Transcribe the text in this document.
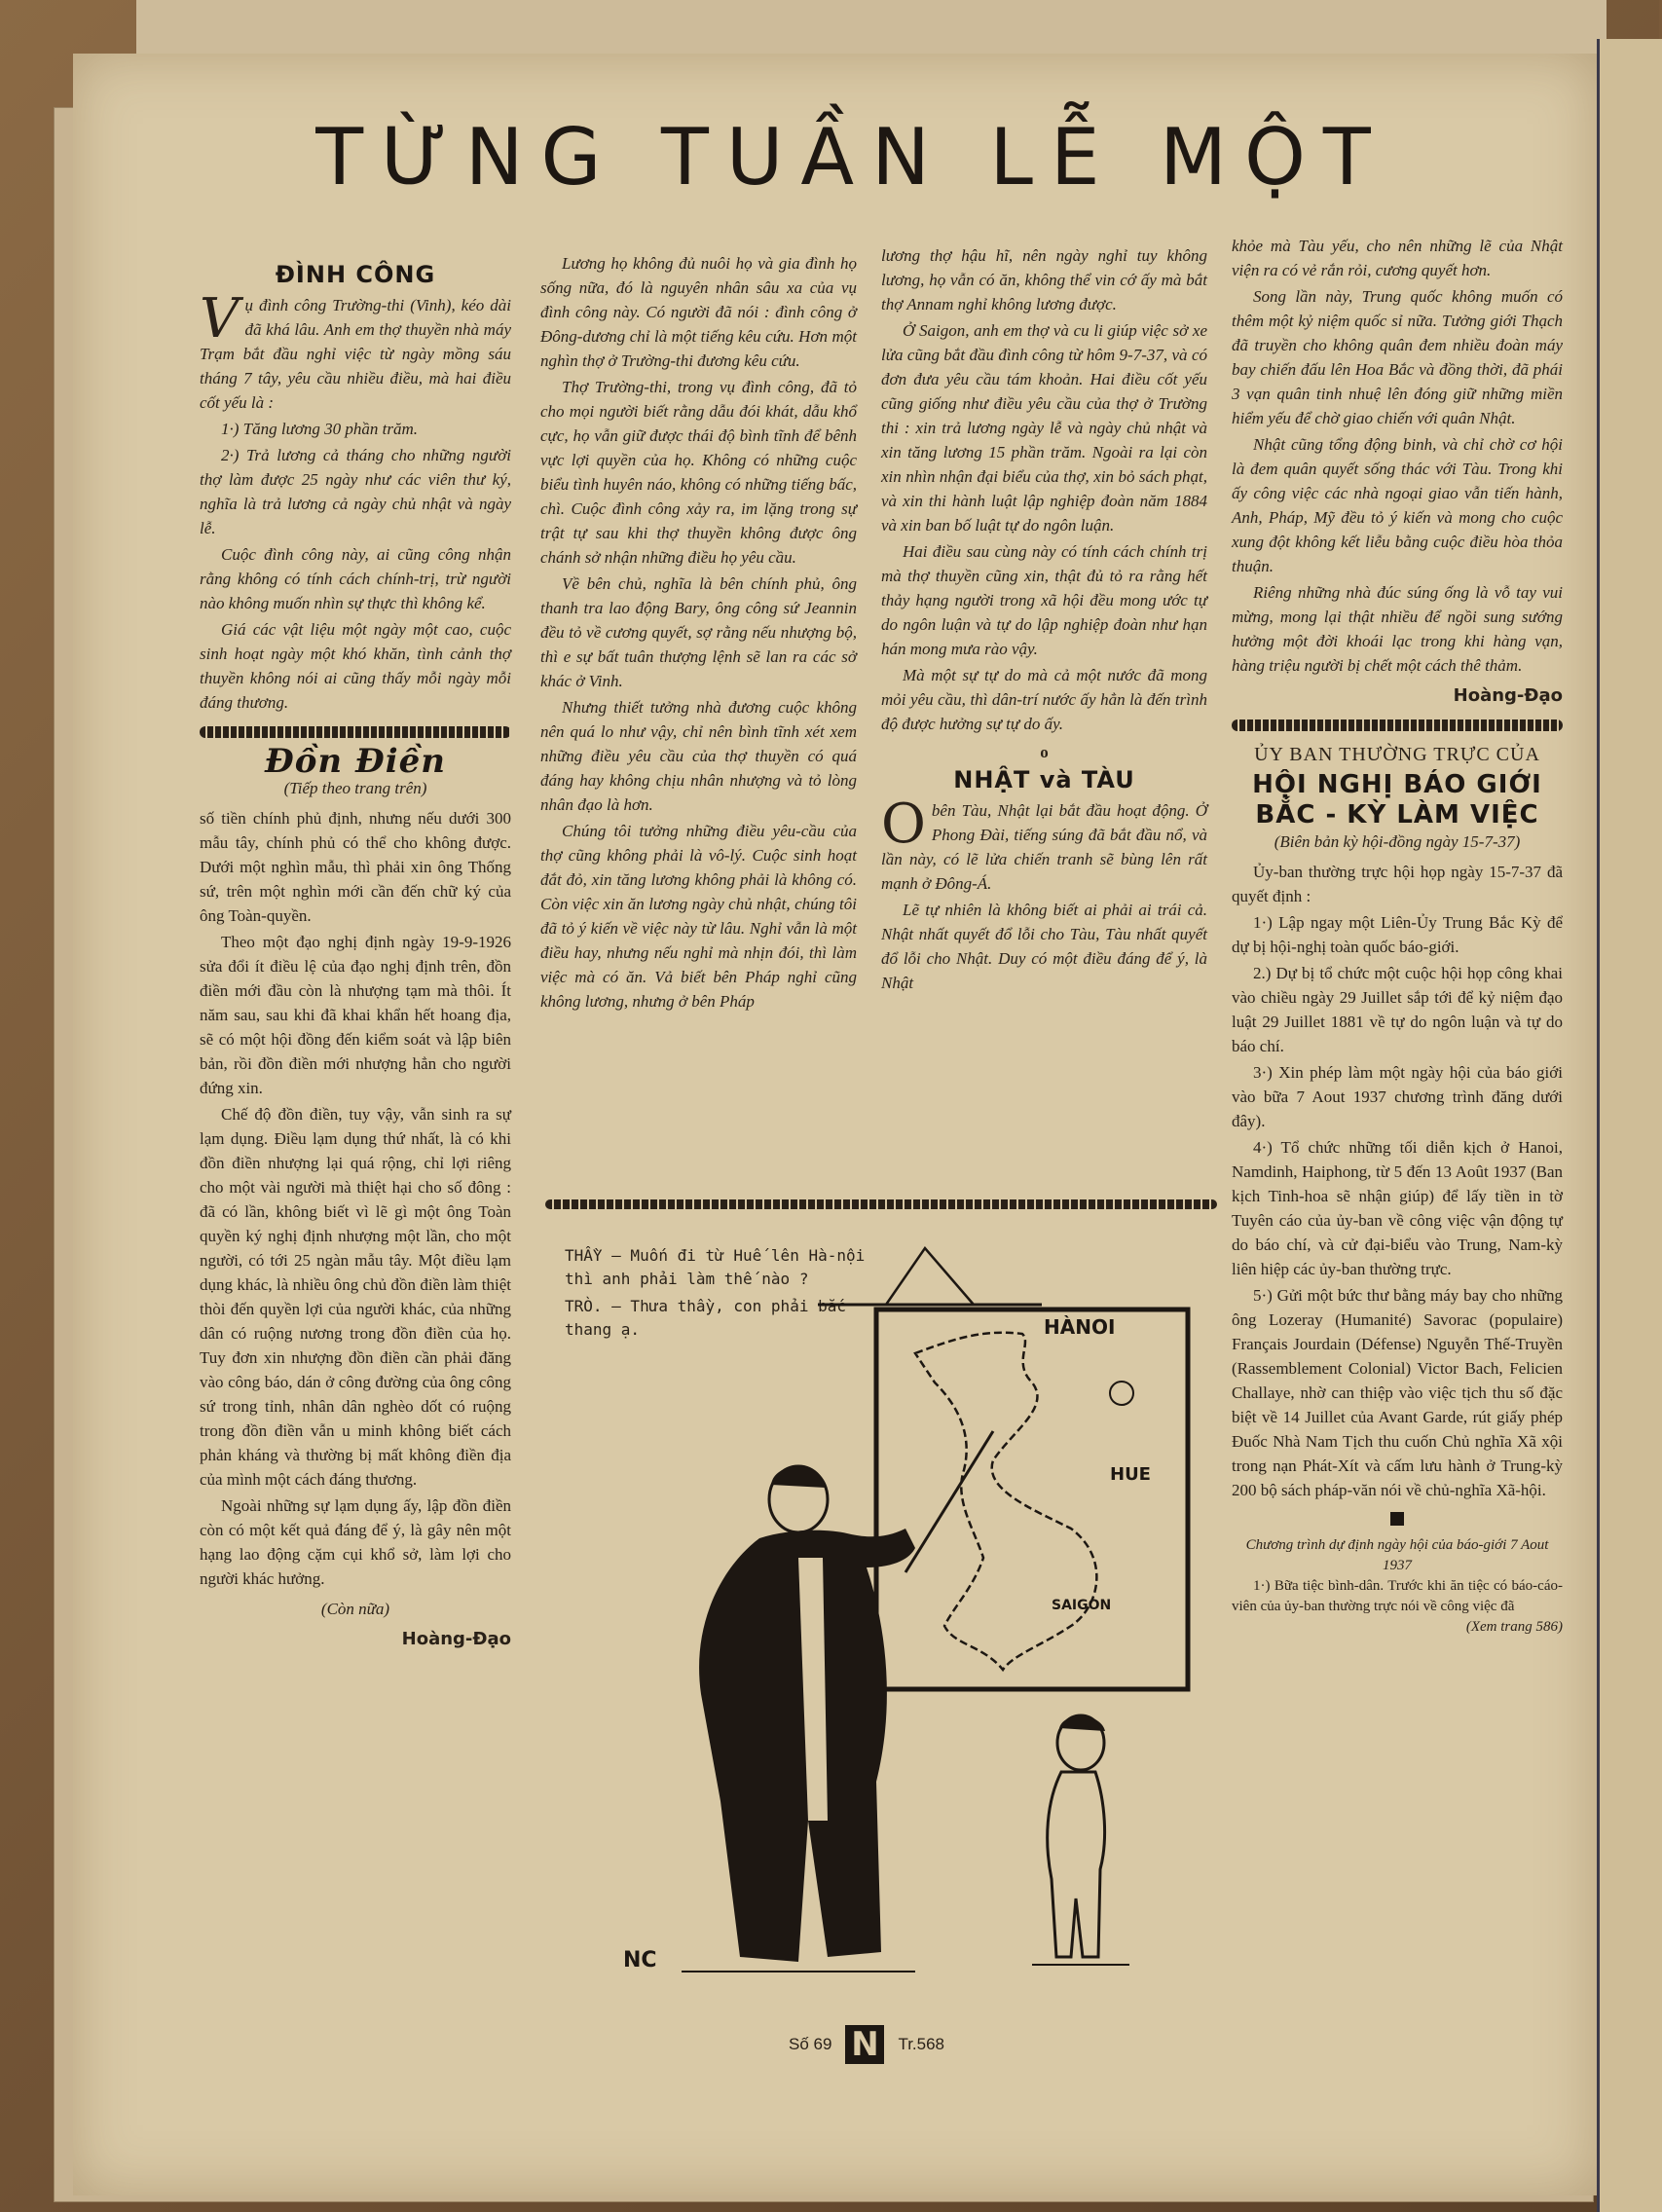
TỪNG TUẦN LỄ MỘT
ĐÌNH CÔNG

Vụ đình công Trường-thi (Vinh), kéo dài đã khá lâu. Anh em thợ thuyền nhà máy Trạm bắt đầu nghỉ việc từ ngày mồng sáu tháng 7 tây, yêu cầu nhiều điều, mà hai điều cốt yếu là :

1·) Tăng lương 30 phần trăm.

2·) Trả lương cả tháng cho những người thợ làm được 25 ngày như các viên thư ký, nghĩa là trả lương cả ngày chủ nhật và ngày lễ.

Cuộc đình công này, ai cũng công nhận rằng không có tính cách chính-trị, trừ người nào không muốn nhìn sự thực thì không kể.

Giá các vật liệu một ngày một cao, cuộc sinh hoạt ngày một khó khăn, tình cảnh thợ thuyền không nói ai cũng thấy mỗi ngày mỗi đáng thương.

Đồn Điền
(Tiếp theo trang trên)

số tiền chính phủ định, nhưng nếu dưới 300 mẫu tây, chính phủ có thể cho không được. Dưới một nghìn mẫu, thì phải xin ông Thống sứ, trên một nghìn mới cần đến chữ ký của ông Toàn-quyền.

Theo một đạo nghị định ngày 19-9-1926 sửa đổi ít điều lệ của đạo nghị định trên, đồn điền mới đầu còn là nhượng tạm mà thôi. Ít năm sau, sau khi đã khai khẩn hết hoang địa, sẽ có một hội đồng đến kiểm soát và lập biên bản, rồi đồn điền mới nhượng hẳn cho người đứng xin.

Chế độ đồn điền, tuy vậy, vẫn sinh ra sự lạm dụng. Điều lạm dụng thứ nhất, là có khi đồn điền nhượng lại quá rộng, chỉ lợi riêng cho một vài người mà thiệt hại cho số đông : đã có lần, không biết vì lẽ gì một ông Toàn quyền ký nghị định nhượng một lần, cho một người, có tới 25 ngàn mẫu tây. Một điều lạm dụng khác, là nhiều ông chủ đồn điền làm thiệt thòi đến quyền lợi của người khác, của những dân có ruộng nương trong đồn điền của họ. Tuy đơn xin nhượng đồn điền cần phải đăng vào công báo, dán ở công đường của ông công sứ trong tỉnh, nhân dân nghèo dốt có ruộng trong đồn điền vẫn u minh không biết cách phản kháng và thường bị mất không điền địa của mình một cách đáng thương.

Ngoài những sự lạm dụng ấy, lập đồn điền còn có một kết quả đáng để ý, là gây nên một hạng lao động cặm cụi khổ sở, làm lợi cho người khác hưởng.

(Còn nữa)
Hoàng-Đạo

Lương họ không đủ nuôi họ và gia đình họ sống nữa, đó là nguyên nhân sâu xa của vụ đình công này. Có người đã nói : đình công ở Đông-dương chỉ là một tiếng kêu cứu. Hơn một nghìn thợ ở Trường-thi đương kêu cứu.

Thợ Trường-thi, trong vụ đình công, đã tỏ cho mọi người biết rằng dẫu đói khát, dẫu khổ cực, họ vẫn giữ được thái độ bình tĩnh để bênh vực lợi quyền của họ. Không có những cuộc biểu tình huyên náo, không có những tiếng bấc, chì. Cuộc đình công xảy ra, im lặng trong sự trật tự sau khi thợ thuyền không được ông chánh sở nhận những điều họ yêu cầu.

Về bên chủ, nghĩa là bên chính phủ, ông thanh tra lao động Bary, ông công sứ Jeannin đều tỏ về cương quyết, sợ rằng nếu nhượng bộ, thì e sự bất tuân thượng lệnh sẽ lan ra các sở khác ở Vinh.

Nhưng thiết tưởng nhà đương cuộc không nên quá lo như vậy, chỉ nên bình tĩnh xét xem những điều yêu cầu của thợ thuyền có quá đáng hay không chịu nhân nhượng và tỏ lòng nhân đạo là hơn.

Chúng tôi tưởng những điều yêu-cầu của thợ cũng không phải là vô-lý. Cuộc sinh hoạt đắt đỏ, xin tăng lương không phải là không có. Còn việc xin ăn lương ngày chủ nhật, chúng tôi đã tỏ ý kiến về việc này từ lâu. Nghỉ vẫn là một điều hay, nhưng nếu nghỉ mà nhịn đói, thì làm việc mà có ăn. Vả biết bên Pháp nghỉ cũng không lương, nhưng ở bên Pháp

lương thợ hậu hĩ, nên ngày nghỉ tuy không lương, họ vẫn có ăn, không thể vin cớ ấy mà bắt thợ Annam nghỉ không lương được.

Ở Saigon, anh em thợ và cu li giúp việc sở xe lửa cũng bắt đầu đình công từ hôm 9-7-37, và có đơn đưa yêu cầu tám khoản. Hai điều cốt yếu cũng giống như điều yêu cầu của thợ ở Trường thi : xin trả lương ngày lễ và ngày chủ nhật và xin tăng lương 15 phần trăm. Ngoài ra lại còn xin nhìn nhận đại biểu của thợ, xin bỏ sách phạt, và xin thi hành luật lập nghiệp đoàn năm 1884 và xin ban bố luật tự do ngôn luận.

Hai điều sau cùng này có tính cách chính trị mà thợ thuyền cũng xin, thật đủ tỏ ra rằng hết thảy hạng người trong xã hội đều mong ước tự do ngôn luận và tự do lập nghiệp đoàn như hạn hán mong mưa rào vậy.

Mà một sự tự do mà cả một nước đã mong mỏi yêu cầu, thì dân-trí nước ấy hẳn là đến trình độ được hưởng sự tự do ấy.

o
NHẬT và TÀU

Obên Tàu, Nhật lại bắt đầu hoạt động. Ở Phong Đài, tiếng súng đã bắt đầu nổ, và lần này, có lẽ lửa chiến tranh sẽ bùng lên rất mạnh ở Đông-Á.

Lẽ tự nhiên là không biết ai phải ai trái cả. Nhật nhất quyết đổ lỗi cho Tàu, Tàu nhất quyết đổ lỗi cho Nhật. Duy có một điều đáng để ý, là Nhật

khỏe mà Tàu yếu, cho nên những lẽ của Nhật viện ra có vẻ rắn rỏi, cương quyết hơn.

Song lần này, Trung quốc không muốn có thêm một kỷ niệm quốc sỉ nữa. Tưởng giới Thạch đã truyền cho không quân đem nhiều đoàn máy bay chiến đấu lên Hoa Bắc và đồng thời, đã phái 3 vạn quân tinh nhuệ lên đóng giữ những miền hiểm yếu để chờ giao chiến với quân Nhật.

Nhật cũng tổng động binh, và chỉ chờ cơ hội là đem quân quyết sống thác với Tàu. Trong khi ấy công việc các nhà ngoại giao vẫn tiến hành, Anh, Pháp, Mỹ đều tỏ ý kiến và mong cho cuộc xung đột không kết liễu bằng cuộc điều hòa thỏa thuận.

Riêng những nhà đúc súng ống là vỗ tay vui mừng, mong lại thật nhiều để ngồi sung sướng hưởng một đời khoái lạc trong khi hàng vạn, hàng triệu người bị chết một cách thê thảm.

Hoàng-Đạo
ỦY BAN THƯỜNG TRỰC CỦA
HỘI NGHỊ BÁO GIỚI
BẮC - KỲ LÀM VIỆC
(Biên bản kỳ hội-đồng ngày 15-7-37)

Ủy-ban thường trực hội họp ngày 15-7-37 đã quyết định :

1·) Lập ngay một Liên-Ủy Trung Bắc Kỳ để dự bị hội-nghị toàn quốc báo-giới.

2.) Dự bị tổ chức một cuộc hội họp công khai vào chiều ngày 29 Juillet sắp tới để kỷ niệm đạo luật 29 Juillet 1881 về tự do ngôn luận và tự do báo chí.

3·) Xin phép làm một ngày hội của báo giới vào bữa 7 Aout 1937 chương trình đăng dưới đây).

4·) Tổ chức những tối diễn kịch ở Hanoi, Namdinh, Haiphong, từ 5 đến 13 Août 1937 (Ban kịch Tinh-hoa sẽ nhận giúp) để lấy tiền in tờ Tuyên cáo của ủy-ban về công việc vận động tự do báo chí, và cử đại-biểu vào Trung, Nam-kỳ liên hiệp các ủy-ban thường trực.

5·) Gửi một bức thư bằng máy bay cho những ông Lozeray (Humanité) Savorac (populaire) Français Jourdain (Défense) Nguyễn Thế-Truyền (Rassemblement Colonial) Victor Bach, Felicien Challaye, nhờ can thiệp vào việc tịch thu số đặc biệt về 14 Juillet của Avant Garde, rút giấy phép Đuốc Nhà Nam Tịch thu cuốn Chủ nghĩa Xã xội trong nạn Phát-Xít và cấm lưu hành ở Trung-kỳ 200 bộ sách pháp-văn nói về chủ-nghĩa Xã-hội.

Chương trình dự định ngày hội của báo-giới 7 Aout 1937
1·) Bữa tiệc bình-dân. Trước khi ăn tiệc có báo-cáo-viên của ủy-ban thường trực nói về công việc đã
(Xem trang 586)
THẦY — Muốn đi từ Huế lên Hà-nội thì anh phải làm thế nào ?
TRÒ. — Thưa thầy, con phải bắc thang ạ.	HÀNOI
HUE
SAIGON
NC
Số 69 N	Tr.568
